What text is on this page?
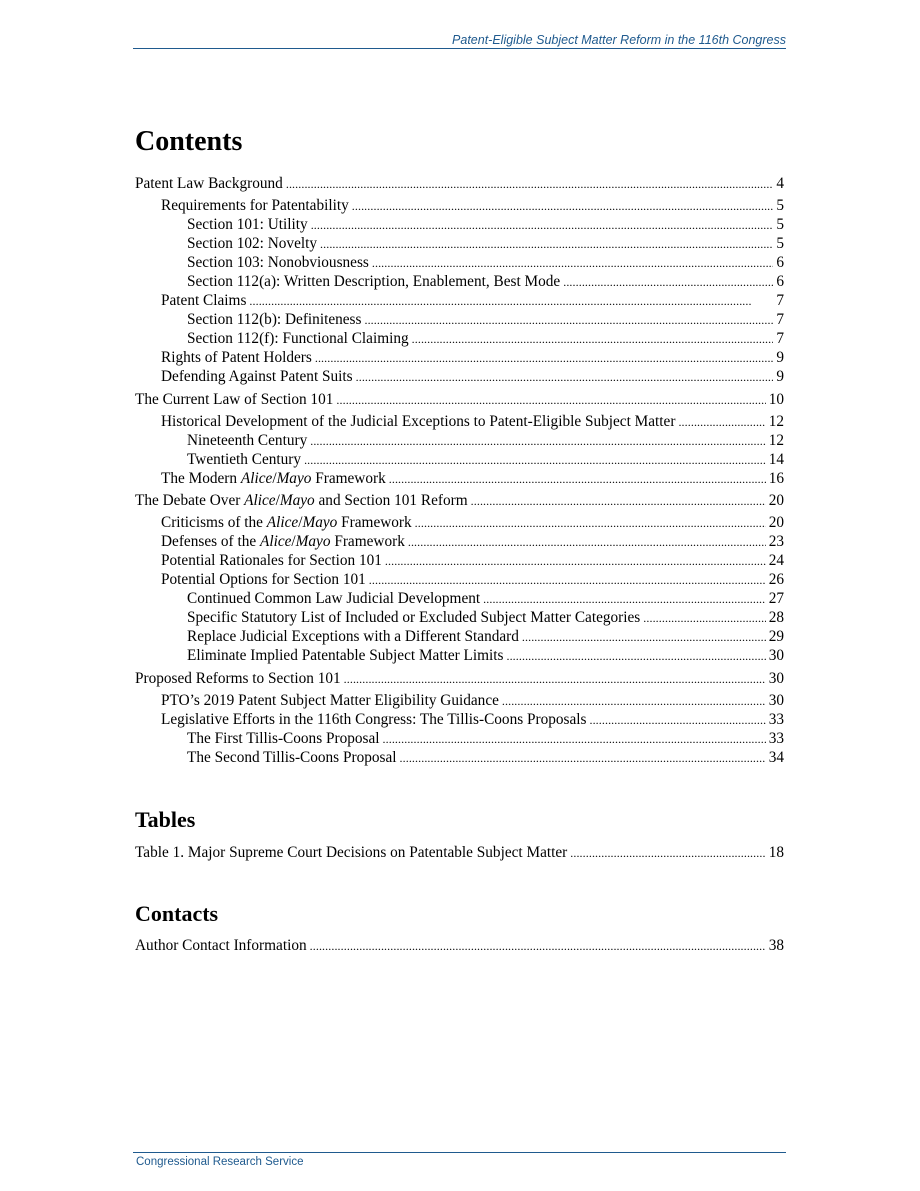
Patent-Eligible Subject Matter Reform in the 116th Congress
Contents
Patent Law Background . . .	4
Requirements for Patentability . . .	5
Section 101: Utility . . .	5
Section 102: Novelty . . .	5
Section 103: Nonobviousness . . .	6
Section 112(a): Written Description, Enablement, Best Mode . . .	6
Patent Claims . . .	7
Section 112(b): Definiteness . . .	7
Section 112(f): Functional Claiming . . .	7
Rights of Patent Holders . . .	9
Defending Against Patent Suits . . .	9
The Current Law of Section 101 . . .	10
Historical Development of the Judicial Exceptions to Patent-Eligible Subject Matter . . .	12
Nineteenth Century . . .	12
Twentieth Century . . .	14
The Modern Alice/Mayo Framework . . .	16
The Debate Over Alice/Mayo and Section 101 Reform . . .	20
Criticisms of the Alice/Mayo Framework . . .	20
Defenses of the Alice/Mayo Framework . . .	23
Potential Rationales for Section 101 . . .	24
Potential Options for Section 101 . . .	26
Continued Common Law Judicial Development . . .	27
Specific Statutory List of Included or Excluded Subject Matter Categories . . .	28
Replace Judicial Exceptions with a Different Standard . . .	29
Eliminate Implied Patentable Subject Matter Limits . . .	30
Proposed Reforms to Section 101 . . .	30
PTO’s 2019 Patent Subject Matter Eligibility Guidance . . .	30
Legislative Efforts in the 116th Congress: The Tillis-Coons Proposals . . .	33
The First Tillis-Coons Proposal . . .	33
The Second Tillis-Coons Proposal . . .	34
Tables
Table 1. Major Supreme Court Decisions on Patentable Subject Matter . . .	18
Contacts
Author Contact Information . . .	38
Congressional Research Service
